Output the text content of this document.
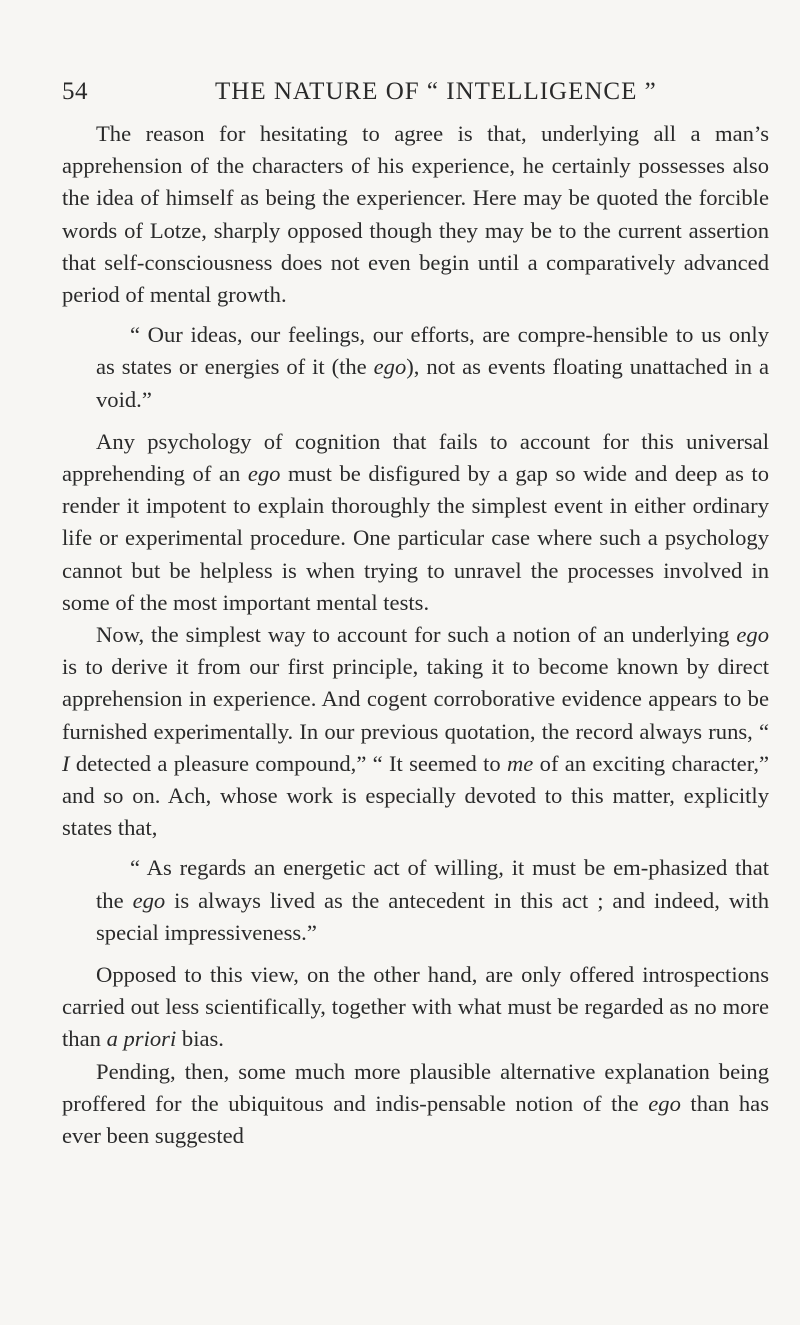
54	THE NATURE OF “ INTELLIGENCE ”

The reason for hesitating to agree is that, underlying all a man’s apprehension of the characters of his experience, he certainly possesses also the idea of himself as being the experiencer. Here may be quoted the forcible words of Lotze, sharply opposed though they may be to the current assertion that self-consciousness does not even begin until a comparatively advanced period of mental growth.

“ Our ideas, our feelings, our efforts, are compre-hensible to us only as states or energies of it (the ego), not as events floating unattached in a void.”

Any psychology of cognition that fails to account for this universal apprehending of an ego must be disfigured by a gap so wide and deep as to render it impotent to explain thoroughly the simplest event in either ordinary life or experimental procedure. One particular case where such a psychology cannot but be helpless is when trying to unravel the processes involved in some of the most important mental tests.

Now, the simplest way to account for such a notion of an underlying ego is to derive it from our first principle, taking it to become known by direct apprehension in experience. And cogent corroborative evidence appears to be furnished experimentally. In our previous quotation, the record always runs, “ I detected a pleasure compound,” “ It seemed to me of an exciting character,” and so on. Ach, whose work is especially devoted to this matter, explicitly states that,

“ As regards an energetic act of willing, it must be em-phasized that the ego is always lived as the antecedent in this act ; and indeed, with special impressiveness.”

Opposed to this view, on the other hand, are only offered introspections carried out less scientifically, together with what must be regarded as no more than a priori bias.

Pending, then, some much more plausible alternative explanation being proffered for the ubiquitous and indis-pensable notion of the ego than has ever been suggested
